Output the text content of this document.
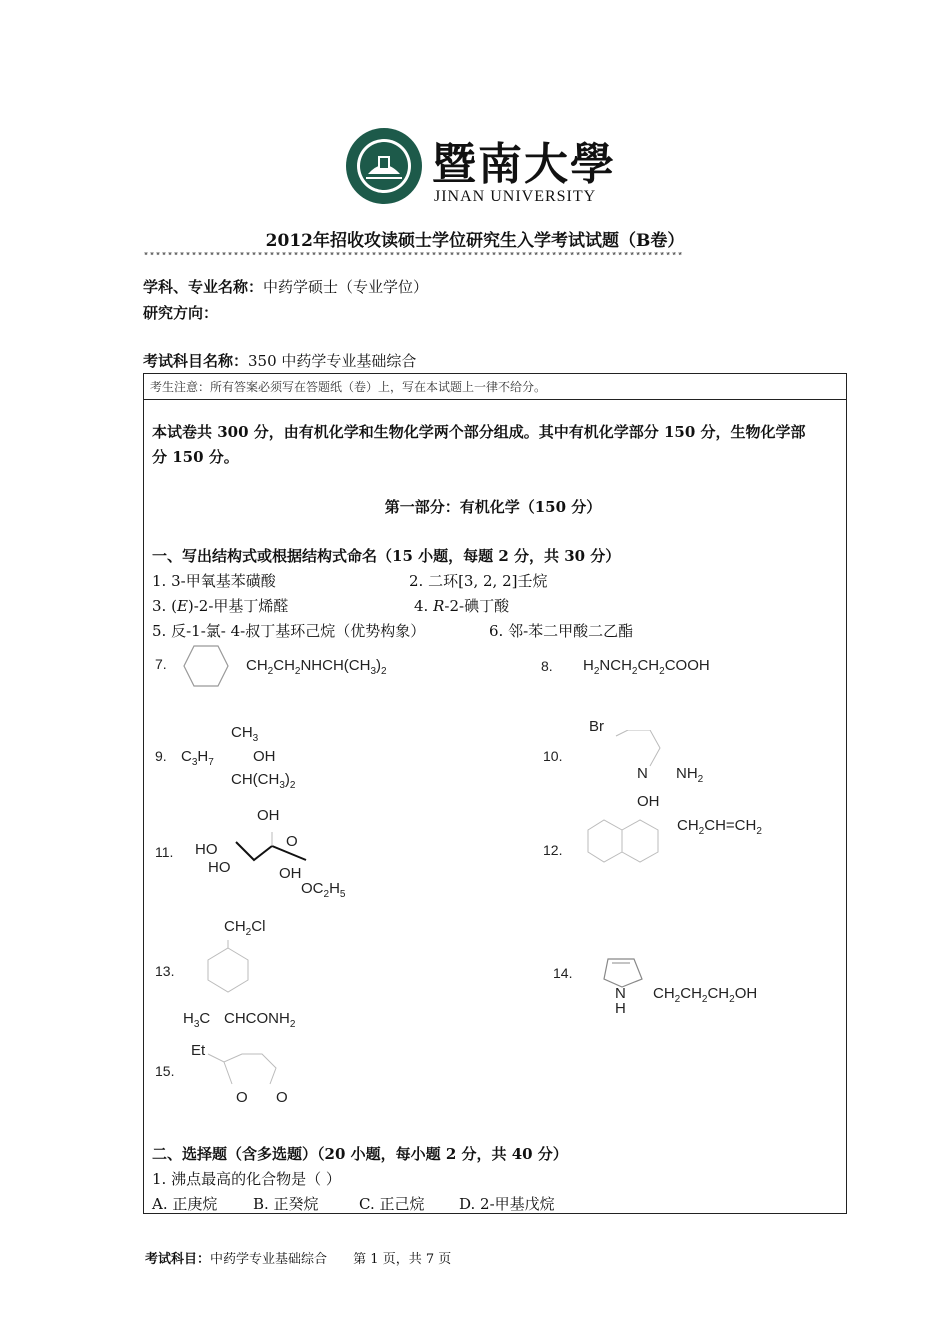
暨南大學
JINAN UNIVERSITY
2012年招收攻读硕士学位研究生入学考试试题（B卷）
******************************************************************************************
学科、专业名称：中药学硕士（专业学位）
研究方向：
考试科目名称：350 中药学专业基础综合
考生注意：所有答案必须写在答题纸（卷）上，写在本试题上一律不给分。
本试卷共 300 分，由有机化学和生物化学两个部分组成。其中有机化学部分 150 分，生物化学部
分 150 分。
第一部分：有机化学（150 分）
一、写出结构式或根据结构式命名（15 小题，每题 2 分，共 30 分）
1. 3-甲氧基苯磺酸	2. 二环[3, 2, 2]壬烷
3. (E)-2-甲基丁烯醛	4. R-2-碘丁酸
5. 反-1-氯- 4-叔丁基环己烷（优势构象）	6. 邻-苯二甲酸二乙酯
7.	$CH_2CH_2NHCH(CH_3)_2$	8. $H_2NCH_2CH_2COOH$
9.
$CH_3$
$C_3H_7$	OH
$CH(CH_3)_2$
10.
Br
N $NH_2$
11.
OH
O
HO
HO	OH
$OC_2H_5$
12.
OH
$CH_2CH=CH_2$
$CH_2Cl$
13.
$H_3C$ $CHCONH_2$
14.
N
H
$CH_2CH_2CH_2OH$
Et
15.
O O
二、选择题（含多选题）（20 小题，每小题 2 分，共 40 分）
1. 沸点最高的化合物是（ ）
A. 正庚烷 B. 正癸烷	C. 正己烷 D. 2-甲基戊烷
考试科目：中药学专业基础综合 第 1 页，共 7 页
